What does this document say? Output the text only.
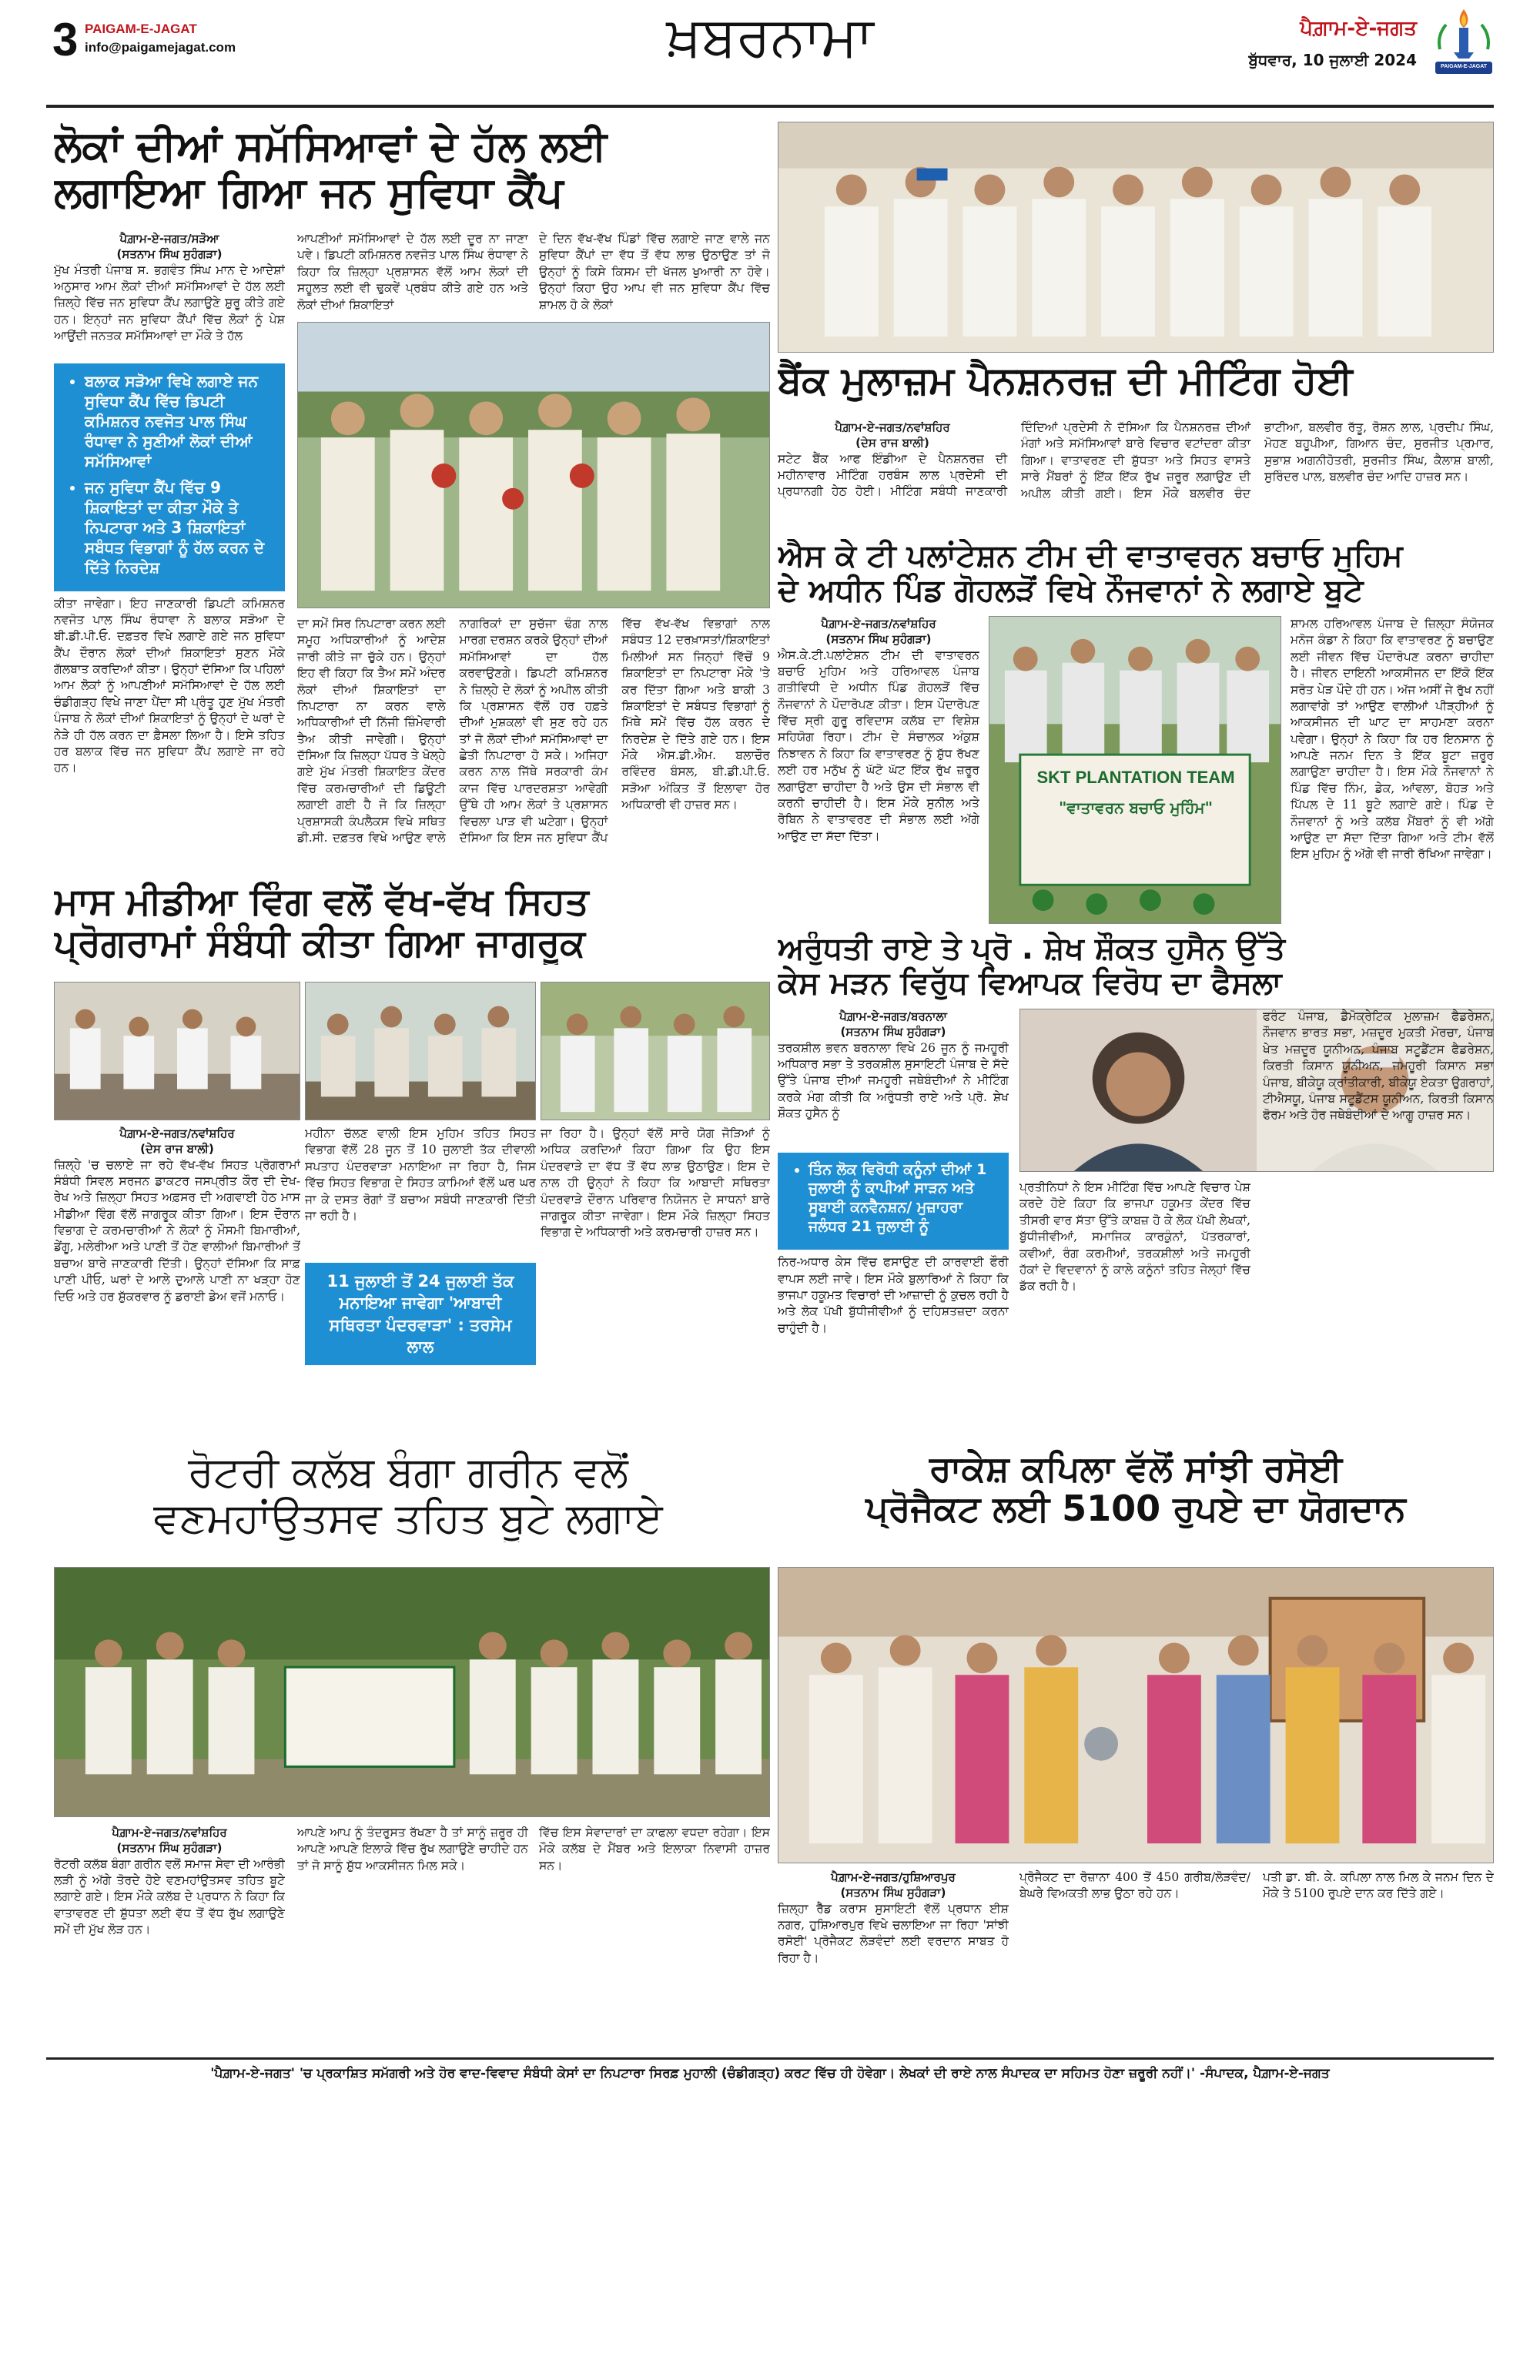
3 PAIGAM-E-JAGAT
info@paigamejagat.com	ਖ਼ਬਰਨਾਮਾ	ਪੈਗ਼ਾਮ-ਏ-ਜਗਤ
ਬੁੱਧਵਾਰ, 10 ਜੁਲਾਈ 2024	PAIGAM-E-JAGAT
ਲੋਕਾਂ ਦੀਆਂ ਸਮੱਸਿਆਵਾਂ ਦੇ ਹੱਲ ਲਈ
ਲਗਾਇਆ ਗਿਆ ਜਨ ਸੁਵਿਧਾ ਕੈਂਪ
ਪੈਗ਼ਾਮ-ਏ-ਜਗਤ/ਸੜੋਆ
(ਸਤਨਾਮ ਸਿੰਘ ਸੁਹੰਗੜਾ)
ਮੁੱਖ ਮੰਤਰੀ ਪੰਜਾਬ ਸ. ਭਗਵੰਤ ਸਿੰਘ ਮਾਨ ਦੇ ਆਦੇਸ਼ਾਂ ਅਨੁਸਾਰ ਆਮ ਲੋਕਾਂ ਦੀਆਂ ਸਮੱਸਿਆਵਾਂ ਦੇ ਹੱਲ ਲਈ ਜ਼ਿਲ੍ਹੇ ਵਿੱਚ ਜਨ ਸੁਵਿਧਾ ਕੈਂਪ ਲਗਾਉਣੇ ਸ਼ੁਰੂ ਕੀਤੇ ਗਏ ਹਨ। ਇਨ੍ਹਾਂ ਜਨ ਸੁਵਿਧਾ ਕੈਂਪਾਂ ਵਿੱਚ ਲੋਕਾਂ ਨੂੰ ਪੇਸ਼ ਆਉਂਦੀ ਜਨਤਕ ਸਮੱਸਿਆਵਾਂ ਦਾ ਮੌਕੇ ਤੇ ਹੱਲ
• ਬਲਾਕ ਸੜੋਆ ਵਿਖੇ ਲਗਾਏ ਜਨ ਸੁਵਿਧਾ ਕੈਂਪ ਵਿੱਚ ਡਿਪਟੀ ਕਮਿਸ਼ਨਰ ਨਵਜੋਤ ਪਾਲ ਸਿੰਘ ਰੰਧਾਵਾ ਨੇ ਸੁਣੀਆਂ ਲੋਕਾਂ ਦੀਆਂ ਸਮੱਸਿਆਵਾਂ
• ਜਨ ਸੁਵਿਧਾ ਕੈਂਪ ਵਿੱਚ 9 ਸ਼ਿਕਾਇਤਾਂ ਦਾ ਕੀਤਾ ਮੌਕੇ ਤੇ ਨਿਪਟਾਰਾ ਅਤੇ 3 ਸ਼ਿਕਾਇਤਾਂ ਸਬੰਧਤ ਵਿਭਾਗਾਂ ਨੂੰ ਹੱਲ ਕਰਨ ਦੇ ਦਿੱਤੇ ਨਿਰਦੇਸ਼
ਕੀਤਾ ਜਾਵੇਗਾ। ਇਹ ਜਾਣਕਾਰੀ ਡਿਪਟੀ ਕਮਿਸ਼ਨਰ ਨਵਜੋਤ ਪਾਲ ਸਿੰਘ ਰੰਧਾਵਾ ਨੇ ਬਲਾਕ ਸੜੋਆ ਦੇ ਬੀ.ਡੀ.ਪੀ.ਓ. ਦਫ਼ਤਰ ਵਿਖੇ ਲਗਾਏ ਗਏ ਜਨ ਸੁਵਿਧਾ ਕੈਂਪ ਦੌਰਾਨ ਲੋਕਾਂ ਦੀਆਂ ਸ਼ਿਕਾਇਤਾਂ ਸੁਣਨ ਮੌਕੇ ਗੱਲਬਾਤ ਕਰਦਿਆਂ ਕੀਤਾ। ਉਨ੍ਹਾਂ ਦੱਸਿਆ ਕਿ ਪਹਿਲਾਂ ਆਮ ਲੋਕਾਂ ਨੂੰ ਆਪਣੀਆਂ ਸਮੱਸਿਆਵਾਂ ਦੇ ਹੱਲ ਲਈ ਚੰਡੀਗੜ੍ਹ ਵਿਖੇ ਜਾਣਾ ਪੈਂਦਾ ਸੀ ਪ੍ਰੰਤੂ ਹੁਣ ਮੁੱਖ ਮੰਤਰੀ ਪੰਜਾਬ ਨੇ ਲੋਕਾਂ ਦੀਆਂ ਸ਼ਿਕਾਇਤਾਂ ਨੂੰ ਉਨ੍ਹਾਂ ਦੇ ਘਰਾਂ ਦੇ ਨੇੜੇ ਹੀ ਹੱਲ ਕਰਨ ਦਾ ਫ਼ੈਸਲਾ ਲਿਆ ਹੈ। ਇਸੇ ਤਹਿਤ ਹਰ ਬਲਾਕ ਵਿੱਚ ਜਨ ਸੁਵਿਧਾ ਕੈਂਪ ਲਗਾਏ ਜਾ ਰਹੇ ਹਨ।
ਆਪਣੀਆਂ ਸਮੱਸਿਆਵਾਂ ਦੇ ਹੱਲ ਲਈ ਦੂਰ ਨਾ ਜਾਣਾ ਪਵੇ। ਡਿਪਟੀ ਕਮਿਸ਼ਨਰ ਨਵਜੋਤ ਪਾਲ ਸਿੰਘ ਰੰਧਾਵਾ ਨੇ ਕਿਹਾ ਕਿ ਜ਼ਿਲ੍ਹਾ ਪ੍ਰਸ਼ਾਸਨ ਵੱਲੋਂ ਆਮ ਲੋਕਾਂ ਦੀ ਸਹੂਲਤ ਲਈ ਵੀ ਢੁਕਵੇਂ ਪ੍ਰਬੰਧ ਕੀਤੇ ਗਏ ਹਨ ਅਤੇ ਲੋਕਾਂ ਦੀਆਂ ਸ਼ਿਕਾਇਤਾਂ
ਦੇ ਦਿਨ ਵੱਖ-ਵੱਖ ਪਿੰਡਾਂ ਵਿੱਚ ਲਗਾਏ ਜਾਣ ਵਾਲੇ ਜਨ ਸੁਵਿਧਾ ਕੈਂਪਾਂ ਦਾ ਵੱਧ ਤੋਂ ਵੱਧ ਲਾਭ ਉਠਾਉਣ ਤਾਂ ਜੋ ਉਨ੍ਹਾਂ ਨੂੰ ਕਿਸੇ ਕਿਸਮ ਦੀ ਖੱਜਲ ਖੁਆਰੀ ਨਾ ਹੋਵੇ। ਉਨ੍ਹਾਂ ਕਿਹਾ ਉਹ ਆਪ ਵੀ ਜਨ ਸੁਵਿਧਾ ਕੈਂਪ ਵਿੱਚ ਸ਼ਾਮਲ ਹੋ ਕੇ ਲੋਕਾਂ
ਦਾ ਸਮੇਂ ਸਿਰ ਨਿਪਟਾਰਾ ਕਰਨ ਲਈ ਸਮੂਹ ਅਧਿਕਾਰੀਆਂ ਨੂੰ ਆਦੇਸ਼ ਜਾਰੀ ਕੀਤੇ ਜਾ ਚੁੱਕੇ ਹਨ। ਉਨ੍ਹਾਂ ਇਹ ਵੀ ਕਿਹਾ ਕਿ ਤੈਅ ਸਮੇਂ ਅੰਦਰ ਲੋਕਾਂ ਦੀਆਂ ਸ਼ਿਕਾਇਤਾਂ ਦਾ ਨਿਪਟਾਰਾ ਨਾ ਕਰਨ ਵਾਲੇ ਅਧਿਕਾਰੀਆਂ ਦੀ ਨਿੱਜੀ ਜ਼ਿੰਮੇਵਾਰੀ ਤੈਅ ਕੀਤੀ ਜਾਵੇਗੀ। ਉਨ੍ਹਾਂ ਦੱਸਿਆ ਕਿ ਜ਼ਿਲ੍ਹਾ ਪੱਧਰ ਤੇ ਖੋਲ੍ਹੇ ਗਏ ਮੁੱਖ ਮੰਤਰੀ ਸ਼ਿਕਾਇਤ ਕੇਂਦਰ ਵਿੱਚ ਕਰਮਚਾਰੀਆਂ ਦੀ ਡਿਊਟੀ ਲਗਾਈ ਗਈ ਹੈ ਜੋ ਕਿ ਜ਼ਿਲ੍ਹਾ ਪ੍ਰਸ਼ਾਸਕੀ ਕੰਪਲੈਕਸ ਵਿਖੇ ਸਥਿਤ ਡੀ.ਸੀ. ਦਫ਼ਤਰ ਵਿਖੇ ਆਉਣ ਵਾਲੇ ਨਾਗਰਿਕਾਂ ਦਾ ਸੁਚੱਜਾ ਢੰਗ ਨਾਲ ਮਾਰਗ ਦਰਸ਼ਨ ਕਰਕੇ ਉਨ੍ਹਾਂ ਦੀਆਂ ਸਮੱਸਿਆਵਾਂ ਦਾ ਹੱਲ ਕਰਵਾਉਣਗੇ। ਡਿਪਟੀ ਕਮਿਸ਼ਨਰ ਨੇ ਜ਼ਿਲ੍ਹੇ ਦੇ ਲੋਕਾਂ ਨੂੰ ਅਪੀਲ ਕੀਤੀ ਕਿ ਪ੍ਰਸ਼ਾਸਨ ਵੱਲੋਂ ਹਰ ਹਫ਼ਤੇ ਦੀਆਂ ਮੁਸ਼ਕਲਾਂ ਵੀ ਸੁਣ ਰਹੇ ਹਨ ਤਾਂ ਜੋ ਲੋਕਾਂ ਦੀਆਂ ਸਮੱਸਿਆਵਾਂ ਦਾ ਛੇਤੀ ਨਿਪਟਾਰਾ ਹੋ ਸਕੇ। ਅਜਿਹਾ ਕਰਨ ਨਾਲ ਜਿੱਥੇ ਸਰਕਾਰੀ ਕੰਮ ਕਾਜ ਵਿੱਚ ਪਾਰਦਰਸ਼ਤਾ ਆਵੇਗੀ ਉੱਥੇ ਹੀ ਆਮ ਲੋਕਾਂ ਤੇ ਪ੍ਰਸ਼ਾਸਨ ਵਿਚਲਾ ਪਾੜ ਵੀ ਘਟੇਗਾ। ਉਨ੍ਹਾਂ ਦੱਸਿਆ ਕਿ ਇਸ ਜਨ ਸੁਵਿਧਾ ਕੈਂਪ ਵਿੱਚ ਵੱਖ-ਵੱਖ ਵਿਭਾਗਾਂ ਨਾਲ ਸਬੰਧਤ 12 ਦਰਖ਼ਾਸਤਾਂ/ਸ਼ਿਕਾਇਤਾਂ ਮਿਲੀਆਂ ਸਨ ਜਿਨ੍ਹਾਂ ਵਿੱਚੋਂ 9 ਸ਼ਿਕਾਇਤਾਂ ਦਾ ਨਿਪਟਾਰਾ ਮੌਕੇ 'ਤੇ ਕਰ ਦਿੱਤਾ ਗਿਆ ਅਤੇ ਬਾਕੀ 3 ਸ਼ਿਕਾਇਤਾਂ ਦੇ ਸਬੰਧਤ ਵਿਭਾਗਾਂ ਨੂੰ ਮਿੱਥੇ ਸਮੇਂ ਵਿੱਚ ਹੱਲ ਕਰਨ ਦੇ ਨਿਰਦੇਸ਼ ਦੇ ਦਿੱਤੇ ਗਏ ਹਨ। ਇਸ ਮੌਕੇ ਐਸ.ਡੀ.ਐਮ. ਬਲਾਚੌਰ ਰਵਿੰਦਰ ਬੰਸਲ, ਬੀ.ਡੀ.ਪੀ.ਓ. ਸੜੋਆ ਅੰਕਿਤ ਤੋਂ ਇਲਾਵਾ ਹੋਰ ਅਧਿਕਾਰੀ ਵੀ ਹਾਜ਼ਰ ਸਨ।
ਬੈਂਕ ਮੁਲਾਜ਼ਮ ਪੈਨਸ਼ਨਰਜ਼ ਦੀ ਮੀਟਿੰਗ ਹੋਈ
ਪੈਗ਼ਾਮ-ਏ-ਜਗਤ/ਨਵਾਂਸ਼ਹਿਰ
(ਦੇਸ ਰਾਜ ਬਾਲੀ)
ਸਟੇਟ ਬੈਂਕ ਆਫ ਇੰਡੀਆ ਦੇ ਪੈਨਸ਼ਨਰਜ਼ ਦੀ ਮਹੀਨਾਵਾਰ ਮੀਟਿੰਗ ਹਰਬੰਸ ਲਾਲ ਪ੍ਰਦੇਸੀ ਦੀ ਪ੍ਰਧਾਨਗੀ ਹੇਠ ਹੋਈ। ਮੀਟਿੰਗ ਸਬੰਧੀ ਜਾਣਕਾਰੀ ਦਿੰਦਿਆਂ ਪ੍ਰਦੇਸੀ ਨੇ ਦੱਸਿਆ ਕਿ ਪੈਨਸ਼ਨਰਜ਼ ਦੀਆਂ ਮੰਗਾਂ ਅਤੇ ਸਮੱਸਿਆਵਾਂ ਬਾਰੇ ਵਿਚਾਰ ਵਟਾਂਦਰਾ ਕੀਤਾ ਗਿਆ। ਵਾਤਾਵਰਣ ਦੀ ਸ਼ੁੱਧਤਾ ਅਤੇ ਸਿਹਤ ਵਾਸਤੇ ਸਾਰੇ ਮੈਂਬਰਾਂ ਨੂੰ ਇੱਕ ਇੱਕ ਰੁੱਖ ਜ਼ਰੂਰ ਲਗਾਉਣ ਦੀ ਅਪੀਲ ਕੀਤੀ ਗਈ। ਇਸ ਮੌਕੇ ਬਲਵੀਰ ਚੰਦ ਭਾਟੀਆ, ਬਲਵੀਰ ਰੱਤੂ, ਰੋਸ਼ਨ ਲਾਲ, ਪ੍ਰਦੀਪ ਸਿੰਘ, ਮੋਹਣ ਬਹੂਪੀਆ, ਗਿਆਨ ਚੰਦ, ਸੁਰਜੀਤ ਪ੍ਰਮਾਰ, ਸੁਭਾਸ਼ ਅਗਨੀਹੋਤਰੀ, ਸੁਰਜੀਤ ਸਿੰਘ, ਕੈਲਾਸ਼ ਬਾਲੀ, ਸੁਰਿੰਦਰ ਪਾਲ, ਬਲਵੀਰ ਚੰਦ ਆਦਿ ਹਾਜ਼ਰ ਸਨ।
ਐਸ ਕੇ ਟੀ ਪਲਾਂਟੇਸ਼ਨ ਟੀਮ ਦੀ ਵਾਤਾਵਰਨ ਬਚਾਓ ਮੁਹਿਮ
ਦੇ ਅਧੀਨ ਪਿੰਡ ਗੋਹਲੜੋਂ ਵਿਖੇ ਨੌਜਵਾਨਾਂ ਨੇ ਲਗਾਏ ਬੂਟੇ
ਪੈਗ਼ਾਮ-ਏ-ਜਗਤ/ਨਵਾਂਸ਼ਹਿਰ
(ਸਤਨਾਮ ਸਿੰਘ ਸੁਹੰਗੜਾ)
ਐਸ.ਕੇ.ਟੀ.ਪਲਾਂਟੇਸ਼ਨ ਟੀਮ ਦੀ ਵਾਤਾਵਰਨ ਬਚਾਓ ਮੁਹਿਮ ਅਤੇ ਹਰਿਆਵਲ ਪੰਜਾਬ ਗਤੀਵਿਧੀ ਦੇ ਅਧੀਨ ਪਿੰਡ ਗੋਹਲੜੋਂ ਵਿੱਚ ਨੌਜਵਾਨਾਂ ਨੇ ਪੌਦਾਰੋਪਣ ਕੀਤਾ। ਇਸ ਪੌਦਾਰੋਪਣ ਵਿੱਚ ਸ੍ਰੀ ਗੁਰੂ ਰਵਿਦਾਸ ਕਲੱਬ ਦਾ ਵਿਸ਼ੇਸ਼ ਸਹਿਯੋਗ ਰਿਹਾ। ਟੀਮ ਦੇ ਸੰਚਾਲਕ ਅੰਕੁਸ਼ ਨਿਝਾਵਨ ਨੇ ਕਿਹਾ ਕਿ ਵਾਤਾਵਰਣ ਨੂੰ ਸ਼ੁੱਧ ਰੱਖਣ ਲਈ ਹਰ ਮਨੁੱਖ ਨੂੰ ਘੱਟੋ ਘੱਟ ਇੱਕ ਰੁੱਖ ਜ਼ਰੂਰ ਲਗਾਉਣਾ ਚਾਹੀਦਾ ਹੈ ਅਤੇ ਉਸ ਦੀ ਸੰਭਾਲ ਵੀ ਕਰਨੀ ਚਾਹੀਦੀ ਹੈ। ਇਸ ਮੌਕੇ ਸੁਨੀਲ ਅਤੇ ਰੋਬਿਨ ਨੇ ਵਾਤਾਵਰਣ ਦੀ ਸੰਭਾਲ ਲਈ ਅੱਗੇ ਆਉਣ ਦਾ ਸੱਦਾ ਦਿੱਤਾ।
SKT PLANTATION TEAM
"ਵਾਤਾਵਰਨ ਬਚਾਓ ਮੁਹਿੰਮ"
ਸ਼ਾਮਲ ਹਰਿਆਵਲ ਪੰਜਾਬ ਦੇ ਜ਼ਿਲ੍ਹਾ ਸੰਯੋਜਕ ਮਨੋਜ ਕੰਡਾ ਨੇ ਕਿਹਾ ਕਿ ਵਾਤਾਵਰਣ ਨੂੰ ਬਚਾਉਣ ਲਈ ਜੀਵਨ ਵਿੱਚ ਪੌਦਾਰੋਪਣ ਕਰਨਾ ਚਾਹੀਦਾ ਹੈ। ਜੀਵਨ ਦਾਇਨੀ ਆਕਸੀਜਨ ਦਾ ਇੱਕੋ ਇੱਕ ਸਰੋਤ ਪੇੜ ਪੌਦੇ ਹੀ ਹਨ। ਅੱਜ ਅਸੀਂ ਜੇ ਰੁੱਖ ਨਹੀਂ ਲਗਾਵਾਂਗੇ ਤਾਂ ਆਉਣ ਵਾਲੀਆਂ ਪੀੜ੍ਹੀਆਂ ਨੂੰ ਆਕਸੀਜਨ ਦੀ ਘਾਟ ਦਾ ਸਾਹਮਣਾ ਕਰਨਾ ਪਵੇਗਾ। ਉਨ੍ਹਾਂ ਨੇ ਕਿਹਾ ਕਿ ਹਰ ਇਨਸਾਨ ਨੂੰ ਆਪਣੇ ਜਨਮ ਦਿਨ ਤੇ ਇੱਕ ਬੂਟਾ ਜ਼ਰੂਰ ਲਗਾਉਣਾ ਚਾਹੀਦਾ ਹੈ। ਇਸ ਮੌਕੇ ਨੌਜਵਾਨਾਂ ਨੇ ਪਿੰਡ ਵਿੱਚ ਨਿੰਮ, ਡੇਕ, ਆਂਵਲਾ, ਬੋਹੜ ਅਤੇ ਪਿੱਪਲ ਦੇ 11 ਬੂਟੇ ਲਗਾਏ ਗਏ। ਪਿੰਡ ਦੇ ਨੌਜਵਾਨਾਂ ਨੂੰ ਅਤੇ ਕਲੱਬ ਮੈਂਬਰਾਂ ਨੂੰ ਵੀ ਅੱਗੇ ਆਉਣ ਦਾ ਸੱਦਾ ਦਿੱਤਾ ਗਿਆ ਅਤੇ ਟੀਮ ਵੱਲੋਂ ਇਸ ਮੁਹਿਮ ਨੂੰ ਅੱਗੇ ਵੀ ਜਾਰੀ ਰੱਖਿਆ ਜਾਵੇਗਾ।
ਮਾਸ ਮੀਡੀਆ ਵਿੰਗ ਵਲੋਂ ਵੱਖ-ਵੱਖ ਸਿਹਤ
ਪ੍ਰੋਗਰਾਮਾਂ ਸੰਬੰਧੀ ਕੀਤਾ ਗਿਆ ਜਾਗਰੂਕ
ਪੈਗ਼ਾਮ-ਏ-ਜਗਤ/ਨਵਾਂਸ਼ਹਿਰ
(ਦੇਸ ਰਾਜ ਬਾਲੀ)
ਜ਼ਿਲ੍ਹੇ 'ਚ ਚਲਾਏ ਜਾ ਰਹੇ ਵੱਖ-ਵੱਖ ਸਿਹਤ ਪ੍ਰੋਗਰਾਮਾਂ ਸੰਬੰਧੀ ਸਿਵਲ ਸਰਜਨ ਡਾਕਟਰ ਜਸਪ੍ਰੀਤ ਕੌਰ ਦੀ ਦੇਖ-ਰੇਖ ਅਤੇ ਜ਼ਿਲ੍ਹਾ ਸਿਹਤ ਅਫ਼ਸਰ ਦੀ ਅਗਵਾਈ ਹੇਠ ਮਾਸ ਮੀਡੀਆ ਵਿੰਗ ਵੱਲੋਂ ਜਾਗਰੂਕ ਕੀਤਾ ਗਿਆ। ਇਸ ਦੌਰਾਨ ਵਿਭਾਗ ਦੇ ਕਰਮਚਾਰੀਆਂ ਨੇ ਲੋਕਾਂ ਨੂੰ ਮੌਸਮੀ ਬਿਮਾਰੀਆਂ, ਡੇਂਗੂ, ਮਲੇਰੀਆ ਅਤੇ ਪਾਣੀ ਤੋਂ ਹੋਣ ਵਾਲੀਆਂ ਬਿਮਾਰੀਆਂ ਤੋਂ ਬਚਾਅ ਬਾਰੇ ਜਾਣਕਾਰੀ ਦਿੱਤੀ। ਉਨ੍ਹਾਂ ਦੱਸਿਆ ਕਿ ਸਾਫ਼ ਪਾਣੀ ਪੀਓ, ਘਰਾਂ ਦੇ ਆਲੇ ਦੁਆਲੇ ਪਾਣੀ ਨਾ ਖੜ੍ਹਾ ਹੋਣ ਦਿਓ ਅਤੇ ਹਰ ਸ਼ੁੱਕਰਵਾਰ ਨੂੰ ਡਰਾਈ ਡੇਅ ਵਜੋਂ ਮਨਾਓ।
ਮਹੀਨਾ ਚੱਲਣ ਵਾਲੀ ਇਸ ਮੁਹਿਮ ਤਹਿਤ ਸਿਹਤ ਵਿਭਾਗ ਵੱਲੋਂ 28 ਜੂਨ ਤੋਂ 10 ਜੁਲਾਈ ਤੱਕ ਦੀਵਾਲੀ ਸਪਤਾਹ ਪੰਦਰਵਾੜਾ ਮਨਾਇਆ ਜਾ ਰਿਹਾ ਹੈ, ਜਿਸ ਵਿੱਚ ਸਿਹਤ ਵਿਭਾਗ ਦੇ ਸਿਹਤ ਕਾਮਿਆਂ ਵੱਲੋਂ ਘਰ ਘਰ ਜਾ ਕੇ ਦਸਤ ਰੋਗਾਂ ਤੋਂ ਬਚਾਅ ਸਬੰਧੀ ਜਾਣਕਾਰੀ ਦਿੱਤੀ ਜਾ ਰਹੀ ਹੈ।
11 ਜੁਲਾਈ ਤੋਂ 24 ਜੁਲਾਈ ਤੱਕ ਮਨਾਇਆ ਜਾਵੇਗਾ 'ਆਬਾਦੀ ਸਥਿਰਤਾ ਪੰਦਰਵਾੜਾ' : ਤਰਸੇਮ ਲਾਲ
ਜਾ ਰਿਹਾ ਹੈ। ਉਨ੍ਹਾਂ ਵੱਲੋਂ ਸਾਰੇ ਯੋਗ ਜੋੜਿਆਂ ਨੂੰ ਅਧਿਕ ਕਰਦਿਆਂ ਕਿਹਾ ਗਿਆ ਕਿ ਉਹ ਇਸ ਪੰਦਰਵਾੜੇ ਦਾ ਵੱਧ ਤੋਂ ਵੱਧ ਲਾਭ ਉਠਾਉਣ। ਇਸ ਦੇ ਨਾਲ ਹੀ ਉਨ੍ਹਾਂ ਨੇ ਕਿਹਾ ਕਿ ਆਬਾਦੀ ਸਥਿਰਤਾ ਪੰਦਰਵਾੜੇ ਦੌਰਾਨ ਪਰਿਵਾਰ ਨਿਯੋਜਨ ਦੇ ਸਾਧਨਾਂ ਬਾਰੇ ਜਾਗਰੂਕ ਕੀਤਾ ਜਾਵੇਗਾ। ਇਸ ਮੌਕੇ ਜ਼ਿਲ੍ਹਾ ਸਿਹਤ ਵਿਭਾਗ ਦੇ ਅਧਿਕਾਰੀ ਅਤੇ ਕਰਮਚਾਰੀ ਹਾਜ਼ਰ ਸਨ।
ਅਰੁੰਧਤੀ ਰਾਏ ਤੇ ਪ੍ਰੋ . ਸ਼ੇਖ ਸ਼ੌਕਤ ਹੁਸੈਨ ਉੱਤੇ
ਕੇਸ ਮੜਨ ਵਿਰੁੱਧ ਵਿਆਪਕ ਵਿਰੋਧ ਦਾ ਫੈਸਲਾ
ਪੈਗ਼ਾਮ-ਏ-ਜਗਤ/ਬਰਨਾਲਾ
(ਸਤਨਾਮ ਸਿੰਘ ਸੁਹੰਗੜਾ)
ਤਰਕਸ਼ੀਲ ਭਵਨ ਬਰਨਾਲਾ ਵਿਖੇ 26 ਜੂਨ ਨੂੰ ਜਮਹੂਰੀ ਅਧਿਕਾਰ ਸਭਾ ਤੇ ਤਰਕਸ਼ੀਲ ਸੁਸਾਇਟੀ ਪੰਜਾਬ ਦੇ ਸੱਦੇ ਉੱਤੇ ਪੰਜਾਬ ਦੀਆਂ ਜਮਹੂਰੀ ਜਥੇਬੰਦੀਆਂ ਨੇ ਮੀਟਿੰਗ ਕਰਕੇ ਮੰਗ ਕੀਤੀ ਕਿ ਅਰੁੰਧਤੀ ਰਾਏ ਅਤੇ ਪ੍ਰੋ. ਸ਼ੇਖ ਸ਼ੌਕਤ ਹੁਸੈਨ ਨੂੰ
• ਤਿੰਨ ਲੋਕ ਵਿਰੋਧੀ ਕਨੂੰਨਾਂ ਦੀਆਂ 1 ਜੁਲਾਈ ਨੂੰ ਕਾਪੀਆਂ ਸਾੜਨ ਅਤੇ ਸੂਬਾਈ ਕਨਵੈਨਸ਼ਨ/ ਮੁਜ਼ਾਹਰਾ ਜਲੰਧਰ 21 ਜੁਲਾਈ ਨੂੰ
ਨਿਰ-ਅਧਾਰ ਕੇਸ ਵਿੱਚ ਫਸਾਉਣ ਦੀ ਕਾਰਵਾਈ ਫੌਰੀ ਵਾਪਸ ਲਈ ਜਾਵੇ। ਇਸ ਮੌਕੇ ਬੁਲਾਰਿਆਂ ਨੇ ਕਿਹਾ ਕਿ ਭਾਜਪਾ ਹਕੂਮਤ ਵਿਚਾਰਾਂ ਦੀ ਆਜ਼ਾਦੀ ਨੂੰ ਕੁਚਲ ਰਹੀ ਹੈ ਅਤੇ ਲੋਕ ਪੱਖੀ ਬੁੱਧੀਜੀਵੀਆਂ ਨੂੰ ਦਹਿਸ਼ਤਜ਼ਦਾ ਕਰਨਾ ਚਾਹੁੰਦੀ ਹੈ।
ਪ੍ਰਤੀਨਿਧਾਂ ਨੇ ਇਸ ਮੀਟਿੰਗ ਵਿੱਚ ਆਪਣੇ ਵਿਚਾਰ ਪੇਸ਼ ਕਰਦੇ ਹੋਏ ਕਿਹਾ ਕਿ ਭਾਜਪਾ ਹਕੂਮਤ ਕੇਂਦਰ ਵਿੱਚ ਤੀਸਰੀ ਵਾਰ ਸੱਤਾ ਉੱਤੇ ਕਾਬਜ਼ ਹੋ ਕੇ ਲੋਕ ਪੱਖੀ ਲੇਖਕਾਂ, ਬੁੱਧੀਜੀਵੀਆਂ, ਸਮਾਜਿਕ ਕਾਰਕੁੰਨਾਂ, ਪੱਤਰਕਾਰਾਂ, ਕਵੀਆਂ, ਰੰਗ ਕਰਮੀਆਂ, ਤਰਕਸ਼ੀਲਾਂ ਅਤੇ ਜਮਹੂਰੀ ਹੱਕਾਂ ਦੇ ਵਿਦਵਾਨਾਂ ਨੂੰ ਕਾਲੇ ਕਨੂੰਨਾਂ ਤਹਿਤ ਜੇਲ੍ਹਾਂ ਵਿੱਚ ਡੱਕ ਰਹੀ ਹੈ।
ਫਰੰਟ ਪੰਜਾਬ, ਡੈਮੋਕ੍ਰੇਟਿਕ ਮੁਲਾਜ਼ਮ ਫੈਡਰੇਸ਼ਨ, ਨੌਜਵਾਨ ਭਾਰਤ ਸਭਾ, ਮਜ਼ਦੂਰ ਮੁਕਤੀ ਮੋਰਚਾ, ਪੰਜਾਬ ਖੇਤ ਮਜ਼ਦੂਰ ਯੂਨੀਅਨ, ਪੰਜਾਬ ਸਟੂਡੈਂਟਸ ਫੈਡਰੇਸ਼ਨ, ਕਿਰਤੀ ਕਿਸਾਨ ਯੂਨੀਅਨ, ਜਮਹੂਰੀ ਕਿਸਾਨ ਸਭਾ ਪੰਜਾਬ, ਬੀਕੇਯੂ ਕ੍ਰਾਂਤੀਕਾਰੀ, ਬੀਕੇਯੂ ਏਕਤਾ ਉਗਰਾਹਾਂ, ਟੀਐਸਯੂ, ਪੰਜਾਬ ਸਟੂਡੈਂਟਸ ਯੂਨੀਅਨ, ਕਿਰਤੀ ਕਿਸਾਨ ਫੋਰਮ ਅਤੇ ਹੋਰ ਜਥੇਬੰਦੀਆਂ ਦੇ ਆਗੂ ਹਾਜ਼ਰ ਸਨ।
ਰੋਟਰੀ ਕਲੱਬ ਬੰਗਾ ਗਰੀਨ ਵਲੋਂ
ਵਣਮਹਾਂਉਤਸਵ ਤਹਿਤ ਬੂਟੇ ਲਗਾਏ
ਪੈਗ਼ਾਮ-ਏ-ਜਗਤ/ਨਵਾਂਸ਼ਹਿਰ
(ਸਤਨਾਮ ਸਿੰਘ ਸੁਹੰਗੜਾ)
ਰੋਟਰੀ ਕਲੱਬ ਬੰਗਾ ਗਰੀਨ ਵਲੋਂ ਸਮਾਜ ਸੇਵਾ ਦੀ ਆਰੰਭੀ ਲੜੀ ਨੂੰ ਅੱਗੇ ਤੋਰਦੇ ਹੋਏ ਵਣਮਹਾਂਉਤਸਵ ਤਹਿਤ ਬੂਟੇ ਲਗਾਏ ਗਏ। ਇਸ ਮੌਕੇ ਕਲੱਬ ਦੇ ਪ੍ਰਧਾਨ ਨੇ ਕਿਹਾ ਕਿ ਵਾਤਾਵਰਣ ਦੀ ਸ਼ੁੱਧਤਾ ਲਈ ਵੱਧ ਤੋਂ ਵੱਧ ਰੁੱਖ ਲਗਾਉਣੇ ਸਮੇਂ ਦੀ ਮੁੱਖ ਲੋੜ ਹਨ।
ਆਪਣੇ ਆਪ ਨੂੰ ਤੰਦਰੁਸਤ ਰੱਖਣਾ ਹੈ ਤਾਂ ਸਾਨੂੰ ਜ਼ਰੂਰ ਹੀ ਆਪਣੇ ਆਪਣੇ ਇਲਾਕੇ ਵਿੱਚ ਰੁੱਖ ਲਗਾਉਣੇ ਚਾਹੀਦੇ ਹਨ ਤਾਂ ਜੋ ਸਾਨੂੰ ਸ਼ੁੱਧ ਆਕਸੀਜਨ ਮਿਲ ਸਕੇ।
ਵਿੱਚ ਇਸ ਸੇਵਾਦਾਰਾਂ ਦਾ ਕਾਫਲਾ ਵਧਦਾ ਰਹੇਗਾ। ਇਸ ਮੌਕੇ ਕਲੱਬ ਦੇ ਮੈਂਬਰ ਅਤੇ ਇਲਾਕਾ ਨਿਵਾਸੀ ਹਾਜ਼ਰ ਸਨ।
ਰਾਕੇਸ਼ ਕਪਿਲਾ ਵੱਲੋਂ ਸਾਂਝੀ ਰਸੋਈ
ਪ੍ਰੋਜੈਕਟ ਲਈ 5100 ਰੁਪਏ ਦਾ ਯੋਗਦਾਨ
ਪੈਗ਼ਾਮ-ਏ-ਜਗਤ/ਹੁਸ਼ਿਆਰਪੁਰ
(ਸਤਨਾਮ ਸਿੰਘ ਸੁਹੰਗੜਾ)
ਜ਼ਿਲ੍ਹਾ ਰੈੱਡ ਕਰਾਸ ਸੁਸਾਇਟੀ ਵੱਲੋਂ ਪ੍ਰਧਾਨ ਈਸ਼ ਨਗਰ, ਹੁਸ਼ਿਆਰਪੁਰ ਵਿਖੇ ਚਲਾਇਆ ਜਾ ਰਿਹਾ 'ਸਾਂਝੀ ਰਸੋਈ' ਪ੍ਰੋਜੈਕਟ ਲੋੜਵੰਦਾਂ ਲਈ ਵਰਦਾਨ ਸਾਬਤ ਹੋ ਰਿਹਾ ਹੈ।
ਪ੍ਰੋਜੈਕਟ ਦਾ ਰੋਜ਼ਾਨਾ 400 ਤੋਂ 450 ਗਰੀਬ/ਲੋੜਵੰਦ/ਬੇਘਰੇ ਵਿਅਕਤੀ ਲਾਭ ਉਠਾ ਰਹੇ ਹਨ।
ਪਤੀ ਡਾ. ਬੀ. ਕੇ. ਕਪਿਲਾ ਨਾਲ ਮਿਲ ਕੇ ਜਨਮ ਦਿਨ ਦੇ ਮੌਕੇ ਤੇ 5100 ਰੁਪਏ ਦਾਨ ਕਰ ਦਿੱਤੇ ਗਏ।
'ਪੈਗ਼ਾਮ-ਏ-ਜਗਤ' 'ਚ ਪ੍ਰਕਾਸ਼ਿਤ ਸਮੱਗਰੀ ਅਤੇ ਹੋਰ ਵਾਦ-ਵਿਵਾਦ ਸੰਬੰਧੀ ਕੇਸਾਂ ਦਾ ਨਿਪਟਾਰਾ ਸਿਰਫ਼ ਮੁਹਾਲੀ (ਚੰਡੀਗੜ੍ਹ) ਕਰਟ ਵਿੱਚ ਹੀ ਹੋਵੇਗਾ। ਲੇਖਕਾਂ ਦੀ ਰਾਏ ਨਾਲ ਸੰਪਾਦਕ ਦਾ ਸਹਿਮਤ ਹੋਣਾ ਜ਼ਰੂਰੀ ਨਹੀਂ।' -ਸੰਪਾਦਕ, ਪੈਗ਼ਾਮ-ਏ-ਜਗਤ
